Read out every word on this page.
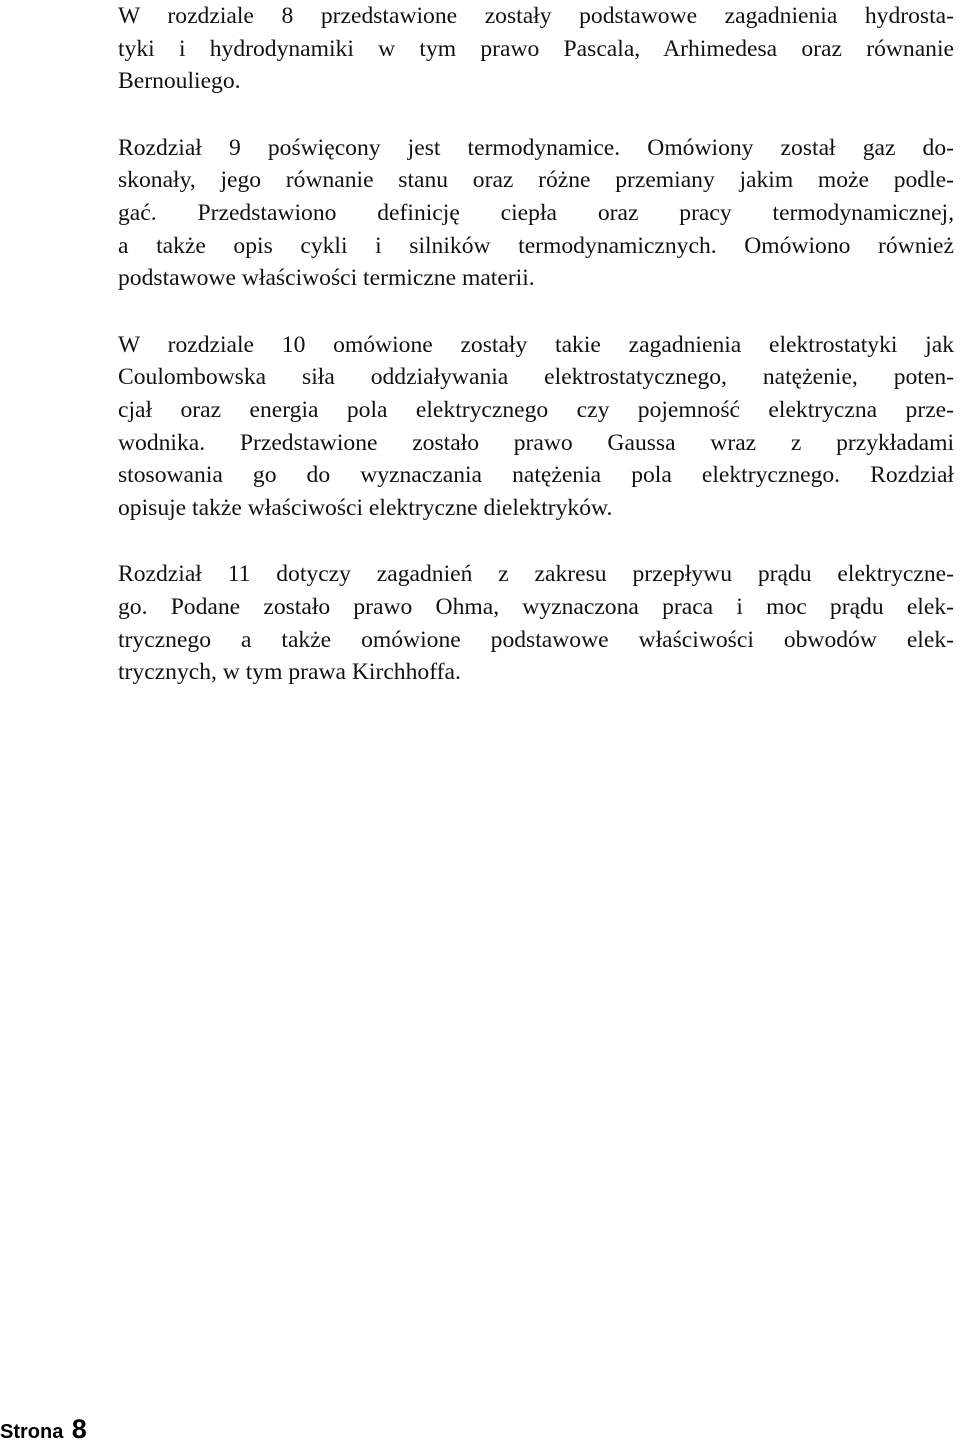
W rozdziale 8 przedstawione zostały podstawowe zagadnienia hydrosta-
tyki i hydrodynamiki w tym prawo Pascala, Arhimedesa oraz równanie
Bernouliego.

Rozdział 9 poświęcony jest termodynamice. Omówiony został gaz do-
skonały, jego równanie stanu oraz różne przemiany jakim może podle-
gać. Przedstawiono definicję ciepła oraz pracy termodynamicznej,
a także opis cykli i silników termodynamicznych. Omówiono również
podstawowe właściwości termiczne materii.

W rozdziale 10 omówione zostały takie zagadnienia elektrostatyki jak
Coulombowska siła oddziaływania elektrostatycznego, natężenie, poten-
cjał oraz energia pola elektrycznego czy pojemność elektryczna prze-
wodnika. Przedstawione zostało prawo Gaussa wraz z przykładami
stosowania go do wyznaczania natężenia pola elektrycznego. Rozdział
opisuje także właściwości elektryczne dielektryków.

Rozdział 11 dotyczy zagadnień z zakresu przepływu prądu elektryczne-
go. Podane zostało prawo Ohma, wyznaczona praca i moc prądu elek-
trycznego a także omówione podstawowe właściwości obwodów elek-
trycznych, w tym prawa Kirchhoffa.

Strona 8
